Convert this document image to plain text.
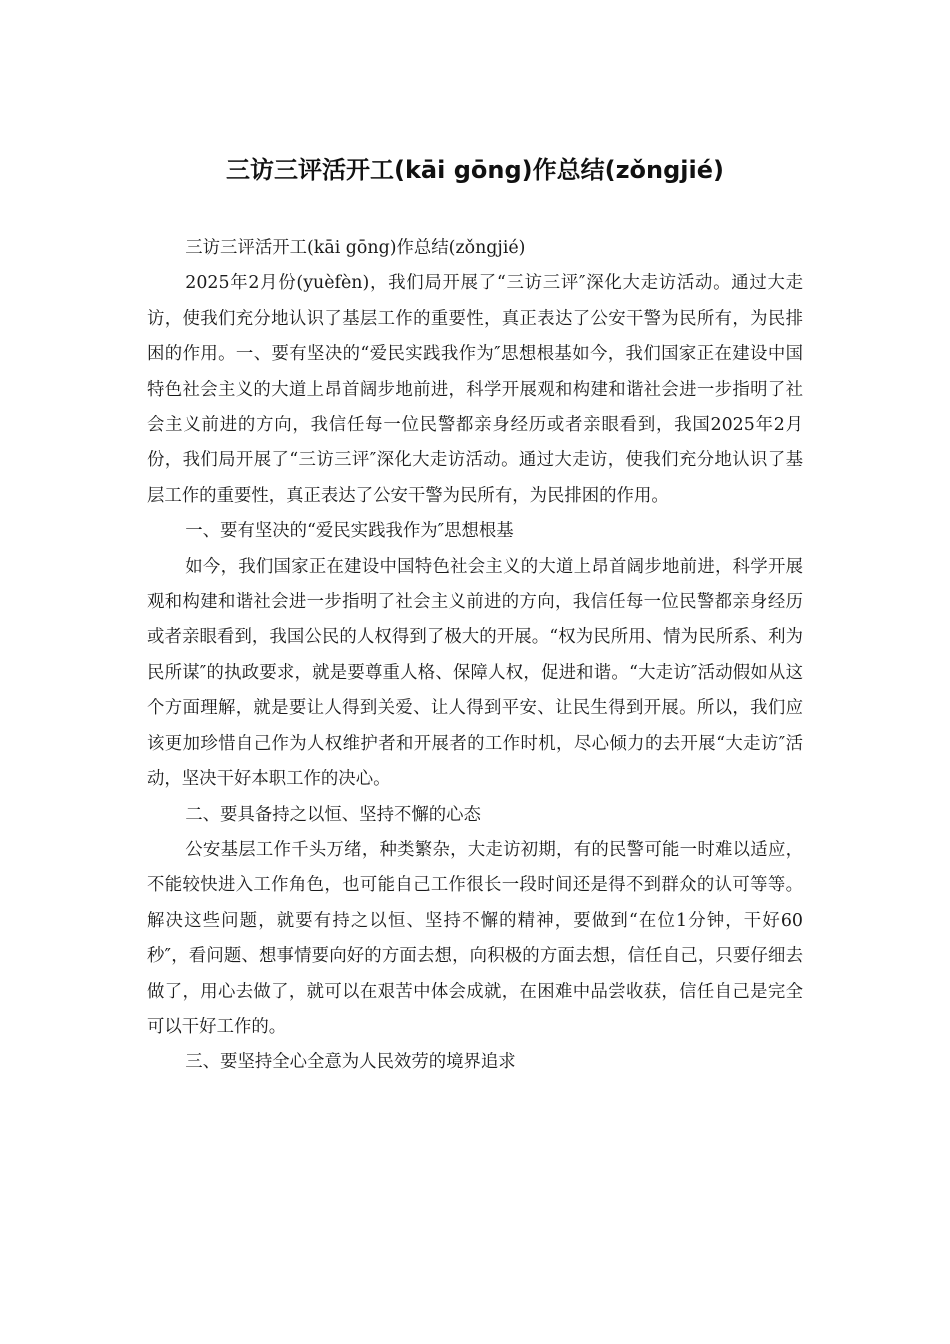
三访三评活开工(kāi gōng)作总结(zǒngjié)

三访三评活开工(kāi gōng)作总结(zǒngjié)

2025年2月份(yuèfèn)，我们局开展了“三访三评″深化大走访活动。通过大走访，使我们充分地认识了基层工作的重要性，真正表达了公安干警为民所有，为民排困的作用。一、要有坚决的“爱民实践我作为″思想根基如今，我们国家正在建设中国特色社会主义的大道上昂首阔步地前进，科学开展观和构建和谐社会进一步指明了社会主义前进的方向，我信任每一位民警都亲身经历或者亲眼看到，我国2025年2月份，我们局开展了“三访三评″深化大走访活动。通过大走访，使我们充分地认识了基层工作的重要性，真正表达了公安干警为民所有，为民排困的作用。

一、要有坚决的“爱民实践我作为″思想根基

如今，我们国家正在建设中国特色社会主义的大道上昂首阔步地前进，科学开展观和构建和谐社会进一步指明了社会主义前进的方向，我信任每一位民警都亲身经历或者亲眼看到，我国公民的人权得到了极大的开展。“权为民所用、情为民所系、利为民所谋″的执政要求，就是要尊重人格、保障人权，促进和谐。“大走访″活动假如从这个方面理解，就是要让人得到关爱、让人得到平安、让民生得到开展。所以，我们应该更加珍惜自己作为人权维护者和开展者的工作时机，尽心倾力的去开展“大走访″活动，坚决干好本职工作的决心。

二、要具备持之以恒、坚持不懈的心态

公安基层工作千头万绪，种类繁杂，大走访初期，有的民警可能一时难以适应，不能较快进入工作角色，也可能自己工作很长一段时间还是得不到群众的认可等等。解决这些问题，就要有持之以恒、坚持不懈的精神，要做到“在位1分钟，干好60秒″，看问题、想事情要向好的方面去想，向积极的方面去想，信任自己，只要仔细去做了，用心去做了，就可以在艰苦中体会成就，在困难中品尝收获，信任自己是完全可以干好工作的。

三、要坚持全心全意为人民效劳的境界追求
